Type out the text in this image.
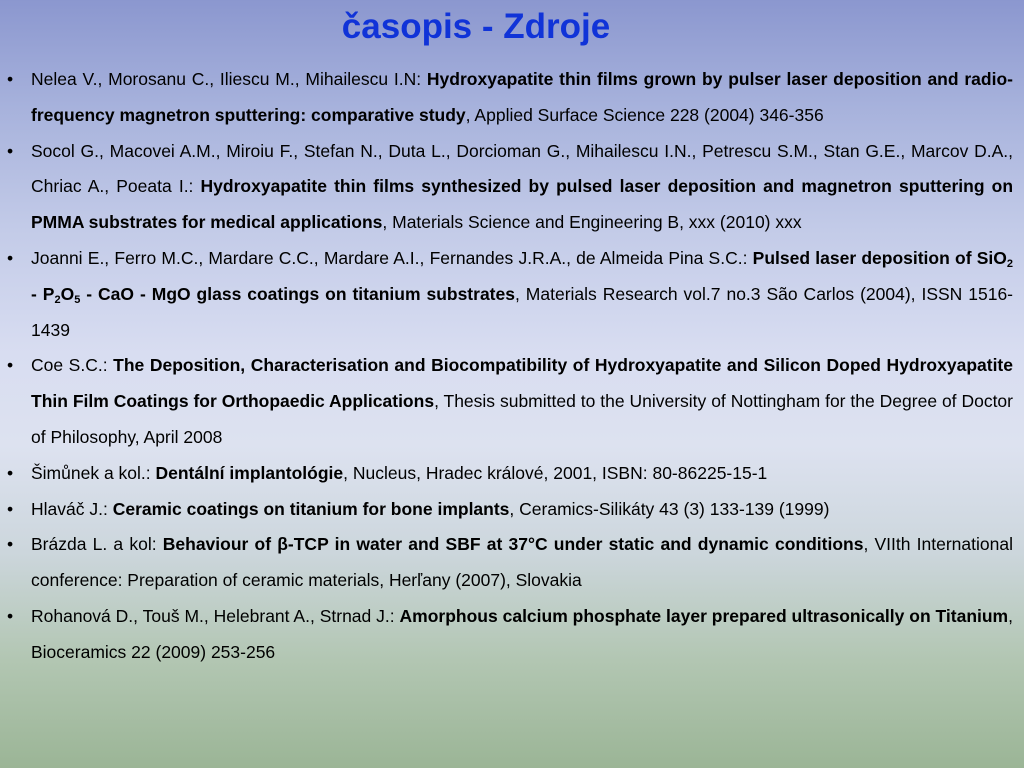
časopis - Zdroje
•	Nelea V., Morosanu C., Iliescu M., Mihailescu I.N: Hydroxyapatite thin films grown by pulser laser deposition and radio-frequency magnetron sputtering: comparative study, Applied Surface Science 228 (2004) 346-356
•	Socol G., Macovei A.M., Miroiu F., Stefan N., Duta L., Dorcioman G., Mihailescu I.N., Petrescu S.M., Stan G.E., Marcov D.A., Chriac A., Poeata I.: Hydroxyapatite thin films synthesized by pulsed laser deposition and magnetron sputtering on PMMA substrates for medical applications, Materials Science and Engineering B, xxx (2010) xxx
•	Joanni E., Ferro M.C., Mardare C.C., Mardare A.I., Fernandes J.R.A., de Almeida Pina S.C.: Pulsed laser deposition of $SiO_2 - P_2O_5$ - CaO - MgO glass coatings on titanium substrates, Materials Research vol.7 no.3 São Carlos (2004), ISSN 1516-1439
•	Coe S.C.: The Deposition, Characterisation and Biocompatibility of Hydroxyapatite and Silicon Doped Hydroxyapatite Thin Film Coatings for Orthopaedic Applications, Thesis submitted to the University of Nottingham for the Degree of Doctor of Philosophy, April 2008
•	Šimůnek a kol.: Dentální implantológie, Nucleus, Hradec králové, 2001, ISBN: 80-86225-15-1
•	Hlaváč J.: Ceramic coatings on titanium for bone implants, Ceramics-Silikáty 43 (3) 133-139 (1999)
•	Brázda L. a kol: Behaviour of β-TCP in water and SBF at 37°C under static and dynamic conditions, VIIth International conference: Preparation of ceramic materials, Herľany (2007), Slovakia
•	Rohanová D., Touš M., Helebrant A., Strnad J.: Amorphous calcium phosphate layer prepared ultrasonically on Titanium, Bioceramics 22 (2009) 253-256
